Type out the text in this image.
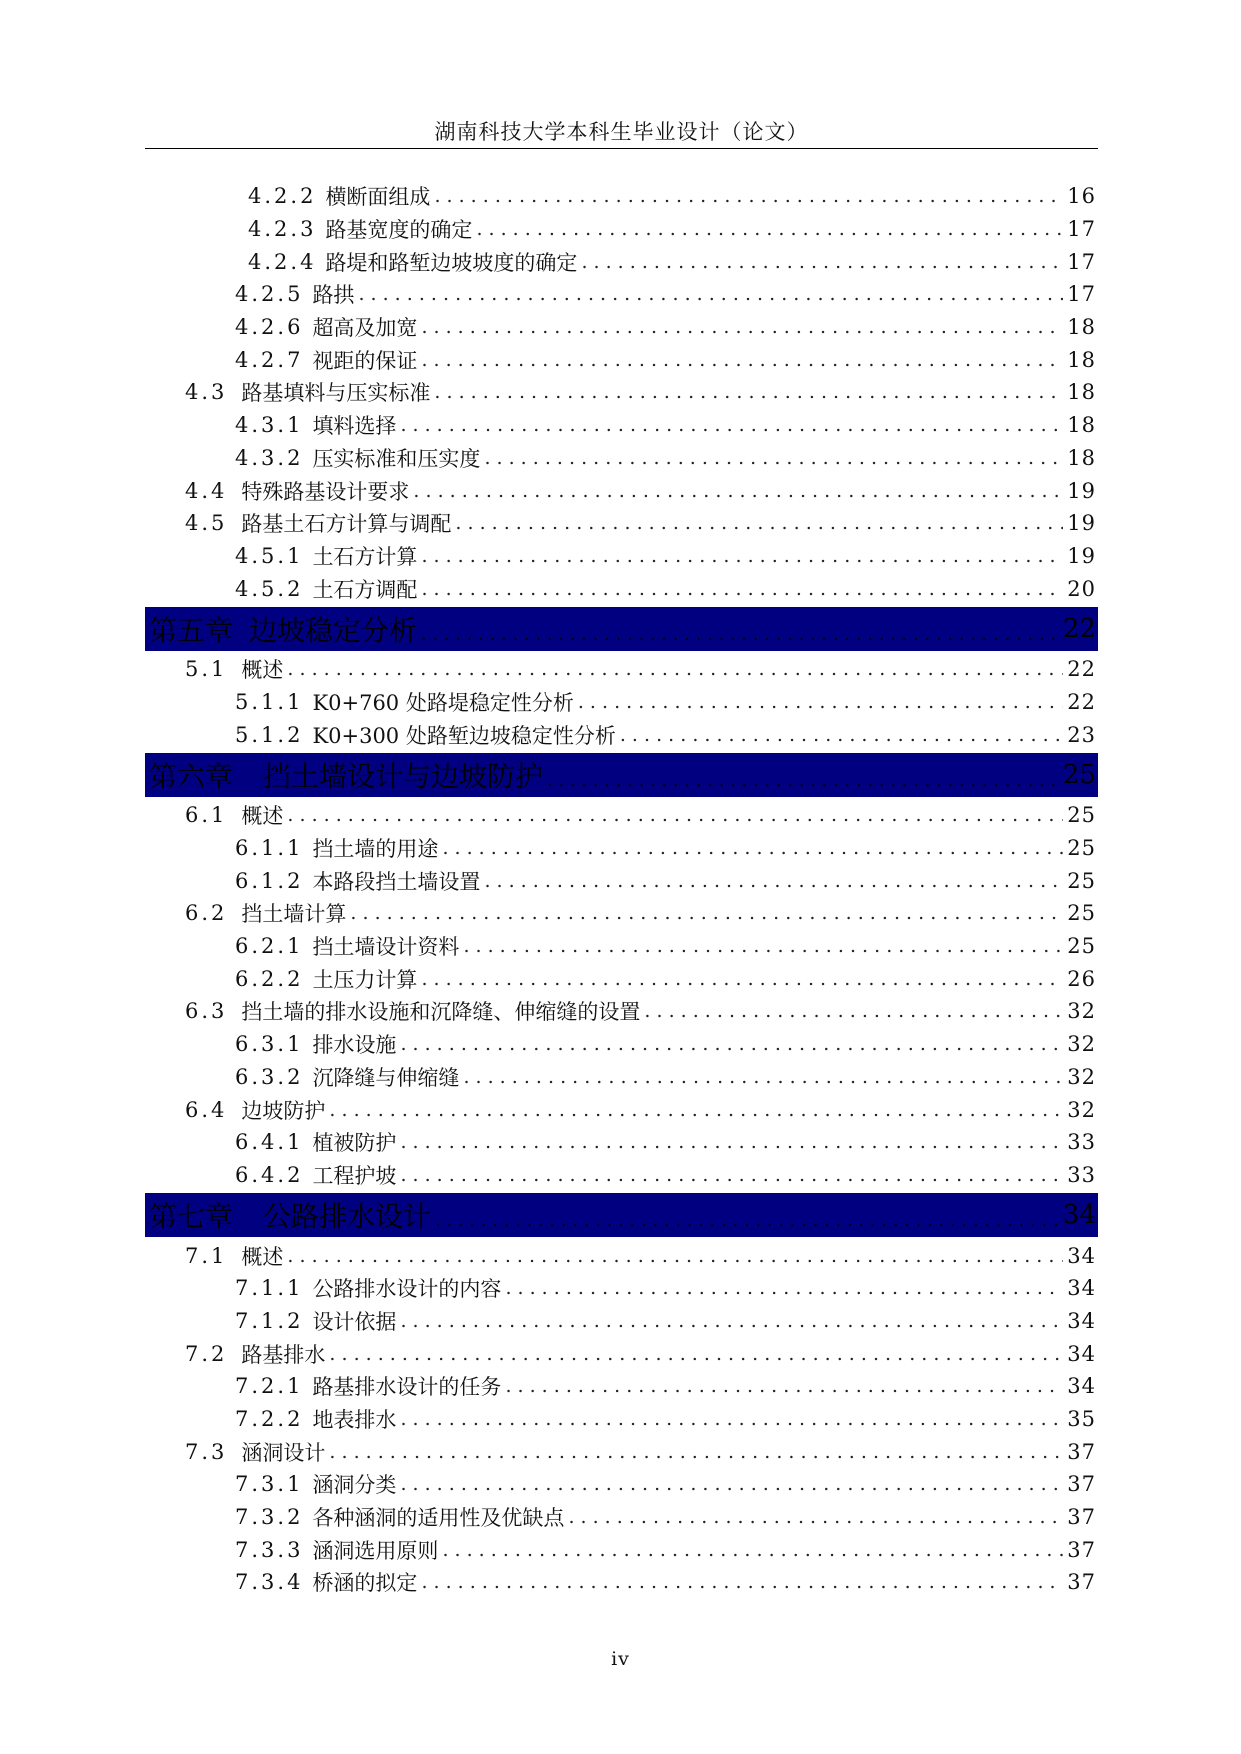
湖南科技大学本科生毕业设计（论文）
4.2.2 横断面组成 . . .	16
4.2.3 路基宽度的确定 . . .	17
4.2.4 路堤和路堑边坡坡度的确定 . . .	17
4.2.5 路拱 . . .	17
4.2.6 超高及加宽 . . .	18
4.2.7 视距的保证 . . .	18
4.3 路基填料与压实标准 . . .	18
4.3.1 填料选择 . . .	18
4.3.2 压实标准和压实度 . . .	18
4.4 特殊路基设计要求 . . .	19
4.5 路基土石方计算与调配 . . .	19
4.5.1 土石方计算 . . .	19
4.5.2 土石方调配 . . .	20
第五章 边坡稳定分析 . . .	22
5.1 概述 . . .	22
5.1.1 K0+760 处路堤稳定性分析 . . .	22
5.1.2 K0+300 处路堑边坡稳定性分析 . . .	23
第六章 挡土墙设计与边坡防护 . . .	25
6.1 概述 . . .	25
6.1.1 挡土墙的用途 . . .	25
6.1.2 本路段挡土墙设置 . . .	25
6.2 挡土墙计算 . . .	25
6.2.1 挡土墙设计资料 . . .	25
6.2.2 土压力计算 . . .	26
6.3 挡土墙的排水设施和沉降缝、伸缩缝的设置 . . .	32
6.3.1 排水设施 . . .	32
6.3.2 沉降缝与伸缩缝 . . .	32
6.4 边坡防护 . . .	32
6.4.1 植被防护 . . .	33
6.4.2 工程护坡 . . .	33
第七章 公路排水设计 . . .	34
7.1 概述 . . .	34
7.1.1 公路排水设计的内容 . . .	34
7.1.2 设计依据 . . .	34
7.2 路基排水 . . .	34
7.2.1 路基排水设计的任务 . . .	34
7.2.2 地表排水 . . .	35
7.3 涵洞设计 . . .	37
7.3.1 涵洞分类 . . .	37
7.3.2 各种涵洞的适用性及优缺点 . . .	37
7.3.3 涵洞选用原则 . . .	37
7.3.4 桥涵的拟定 . . .	37
iv
